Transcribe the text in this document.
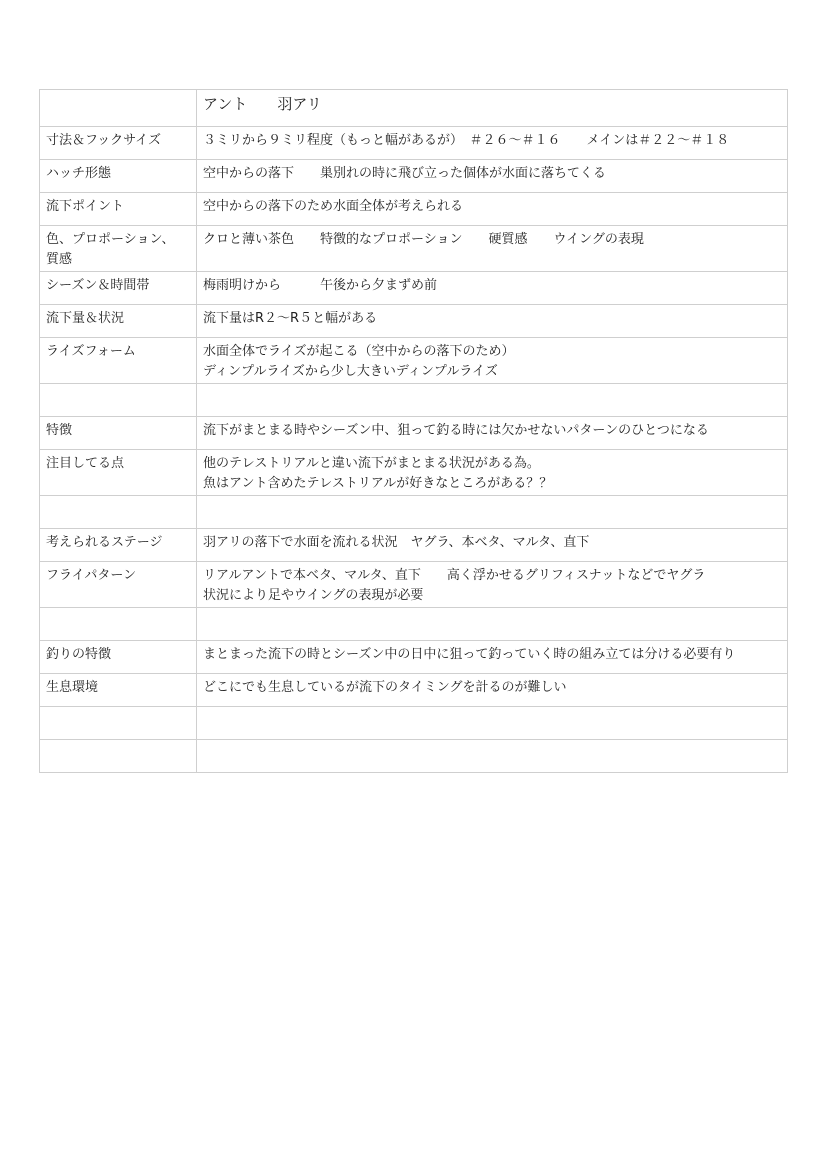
	アント　　羽アリ
寸法＆フックサイズ	３ミリから９ミリ程度（もっと幅があるが）　＃２６〜＃１６　　メインは＃２２〜＃１８
ハッチ形態	空中からの落下　　巣別れの時に飛び立った個体が水面に落ちてくる
流下ポイント	空中からの落下のため水面全体が考えられる
色、プロポーション、
質感	クロと薄い茶色　　特徴的なプロポーション　　硬質感　　ウイングの表現
シーズン＆時間帯	梅雨明けから　　　午後から夕まずめ前
流下量＆状況	流下量はR２〜R５と幅がある
ライズフォーム	水面全体でライズが起こる（空中からの落下のため）
ディンプルライズから少し大きいディンプルライズ

特徴	流下がまとまる時やシーズン中、狙って釣る時には欠かせないパターンのひとつになる
注目してる点	他のテレストリアルと違い流下がまとまる状況がある為。
魚はアント含めたテレストリアルが好きなところがある？？

考えられるステージ	羽アリの落下で水面を流れる状況　ヤグラ、本ベタ、マルタ、直下
フライパターン	リアルアントで本ベタ、マルタ、直下　　高く浮かせるグリフィスナットなどでヤグラ
状況により足やウイングの表現が必要

釣りの特徴	まとまった流下の時とシーズン中の日中に狙って釣っていく時の組み立ては分ける必要有り
生息環境	どこにでも生息しているが流下のタイミングを計るのが難しい
